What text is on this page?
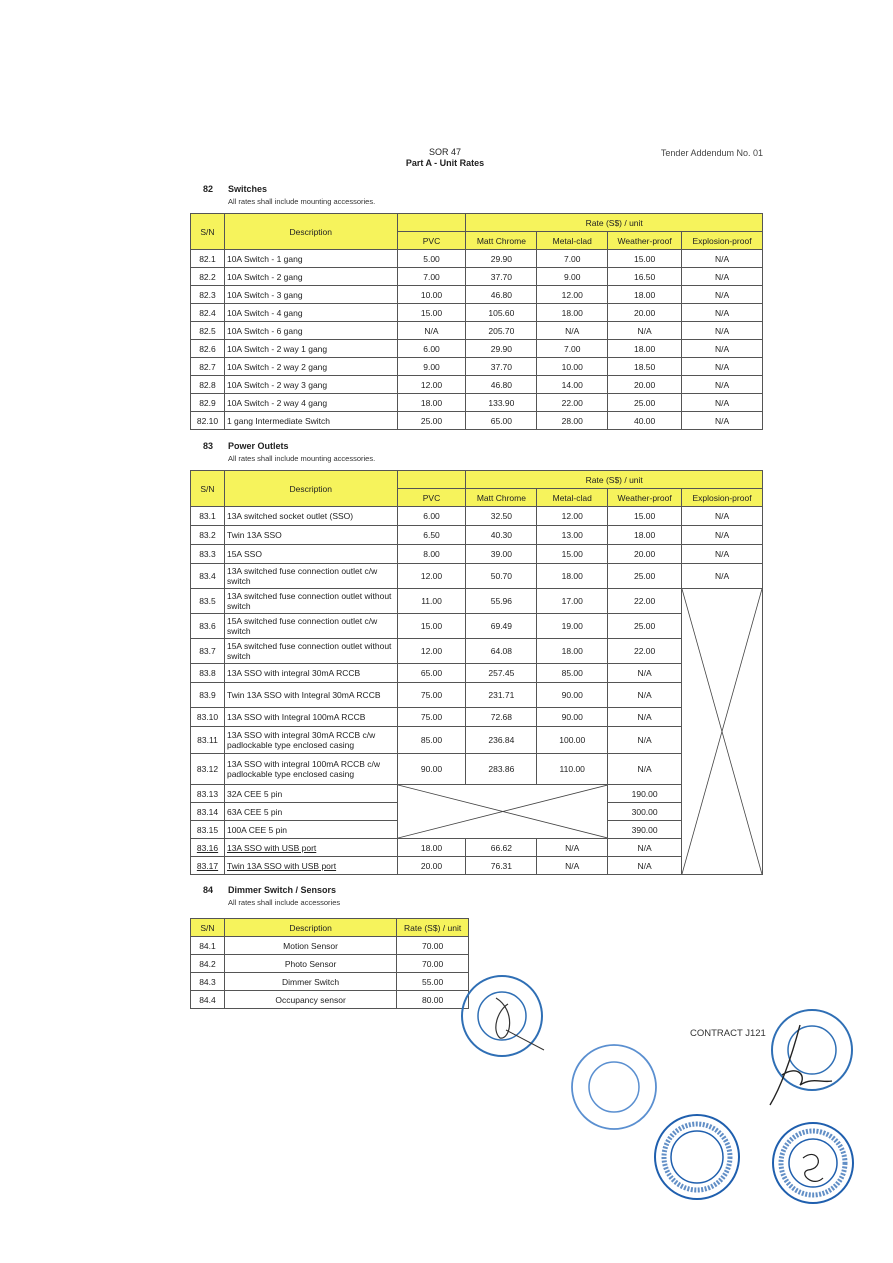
SOR 47
Part A - Unit Rates
Tender Addendum No. 01
82 Switches
All rates shall include mounting accessories.
S/N	Description		Rate (S$) / unit			
		PVC	Matt Chrome	Metal-clad	Weather-proof	Explosion-proof
82.1	10A Switch - 1 gang	5.00	29.90	7.00	15.00	N/A
82.2	10A Switch - 2 gang	7.00	37.70	9.00	16.50	N/A
82.3	10A Switch - 3 gang	10.00	46.80	12.00	18.00	N/A
82.4	10A Switch - 4 gang	15.00	105.60	18.00	20.00	N/A
82.5	10A Switch - 6 gang	N/A	205.70	N/A	N/A	N/A
82.6	10A Switch - 2 way 1 gang	6.00	29.90	7.00	18.00	N/A
82.7	10A Switch - 2 way 2 gang	9.00	37.70	10.00	18.50	N/A
82.8	10A Switch - 2 way 3 gang	12.00	46.80	14.00	20.00	N/A
82.9	10A Switch - 2 way 4 gang	18.00	133.90	22.00	25.00	N/A
82.10	1 gang Intermediate Switch	25.00	65.00	28.00	40.00	N/A
83 Power Outlets
All rates shall include mounting accessories.
S/N	Description		Rate (S$) / unit			
		PVC	Matt Chrome	Metal-clad	Weather-proof	Explosion-proof
83.1	13A switched socket outlet (SSO)	6.00	32.50	12.00	15.00	N/A
83.2	Twin 13A SSO	6.50	40.30	13.00	18.00	N/A
83.3	15A SSO	8.00	39.00	15.00	20.00	N/A
83.4	13A switched fuse connection outlet c/w switch	12.00	50.70	18.00	25.00	N/A
83.5	13A switched fuse connection outlet without switch	11.00	55.96	17.00	22.00	

83.6	15A switched fuse connection outlet c/w switch	15.00	69.49	19.00	25.00	
83.7	15A switched fuse connection outlet without switch	12.00	64.08	18.00	22.00	
83.8	13A SSO with integral 30mA RCCB	65.00	257.45	85.00	N/A	
83.9	Twin 13A SSO with Integral 30mA RCCB	75.00	231.71	90.00	N/A	
83.10	13A SSO with Integral 100mA RCCB	75.00	72.68	90.00	N/A	
83.11	13A SSO with integral 30mA RCCB c/w padlockable type enclosed casing	85.00	236.84	100.00	N/A	
83.12	13A SSO with integral 100mA RCCB c/w padlockable type enclosed casing	90.00	283.86	110.00	N/A	
83.13	32A CEE 5 pin				190.00	
83.14	63A CEE 5 pin				300.00	
83.15	100A CEE 5 pin				390.00	
83.16	13A SSO with USB port	18.00	66.62	N/A	N/A	
83.17	Twin 13A SSO with USB port	20.00	76.31	N/A	N/A	
84 Dimmer Switch / Sensors
All rates shall include accessories
S/N	Description	Rate (S$) / unit
84.1	Motion Sensor	70.00
84.2	Photo Sensor	70.00
84.3	Dimmer Switch	55.00
84.4	Occupancy sensor	80.00
CONTRACT J121
